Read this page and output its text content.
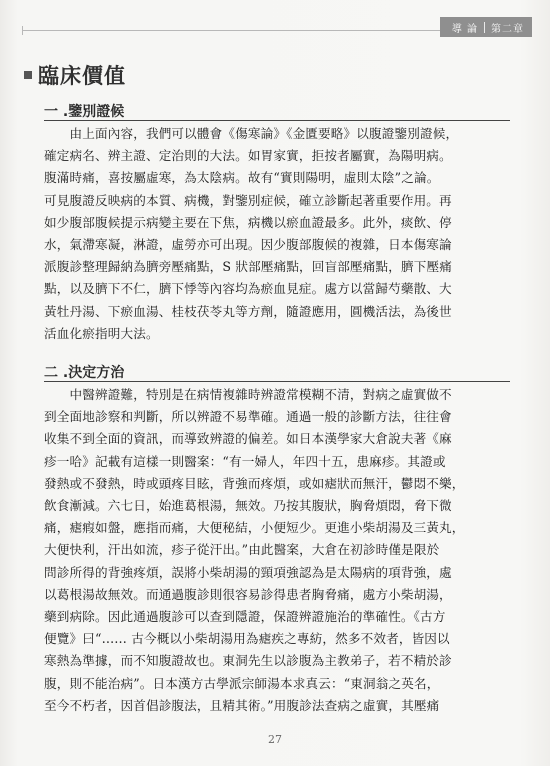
導 論 第二章
臨床價值
一 .鑒別證候
　　由上面內容，我們可以體會《傷寒論》《金匱要略》以腹證鑒別證候，
確定病名、辨主證、定治則的大法。如胃家實，拒按者屬實，為陽明病。
腹滿時痛，喜按屬虛寒，為太陰病。故有“實則陽明，虛則太陰”之論。
可見腹證反映病的本質、病機，對鑒別症候，確立診斷起著重要作用。再
如少腹部腹候提示病變主要在下焦，病機以瘀血證最多。此外，痰飲、停
水，氣滯寒凝，淋證，虛勞亦可出現。因少腹部腹候的複雜，日本傷寒論
派腹診整理歸納為臍旁壓痛點，S 狀部壓痛點，回盲部壓痛點，臍下壓痛
點，以及臍下不仁，臍下悸等內容均為瘀血見症。處方以當歸芍藥散、大
黃牡丹湯、下瘀血湯、桂枝茯苓丸等方劑，隨證應用，圓機活法，為後世
活血化瘀指明大法。
二 .決定方治
　　中醫辨證難，特別是在病情複雜時辨證常模糊不清，對病之虛實做不
到全面地診察和判斷，所以辨證不易準確。通過一般的診斷方法，往往會
收集不到全面的資訊，而導致辨證的偏差。如日本漢學家大倉說夫著《麻
疹一哈》記載有這樣一則醫案：“有一婦人，年四十五，患麻疹。其證或
發熱或不發熱，時或頭疼目眩，背強而疼煩，或如瘧狀而無汗，鬱悶不樂，
飲食漸減。六七日，始進葛根湯，無效。乃按其腹狀，胸脅煩悶，脅下微
痛，瘧瘕如盤，應指而痛，大便秘結，小便短少。更進小柴胡湯及三黃丸，
大便快利，汗出如流，疹子從汗出。”由此醫案，大倉在初診時僅是限於
問診所得的背強疼煩，誤將小柴胡湯的頸項強認為是太陽病的項背強，處
以葛根湯故無效。而通過腹診則很容易診得患者胸脅痛，處方小柴胡湯，
藥到病除。因此通過腹診可以查到隱證，保證辨證施治的準確性。《古方
便覽》曰“…… 古今概以小柴胡湯用為瘧疾之專紡，然多不效者，皆因以
寒熱為準據，而不知腹證故也。東洞先生以診腹為主教弟子，若不精於診
腹，則不能治病”。日本漢方古學派宗師湯本求真云：“東洞翁之英名，
至今不朽者，因首倡診腹法，且精其術。”用腹診法查病之虛實，其壓痛
27
